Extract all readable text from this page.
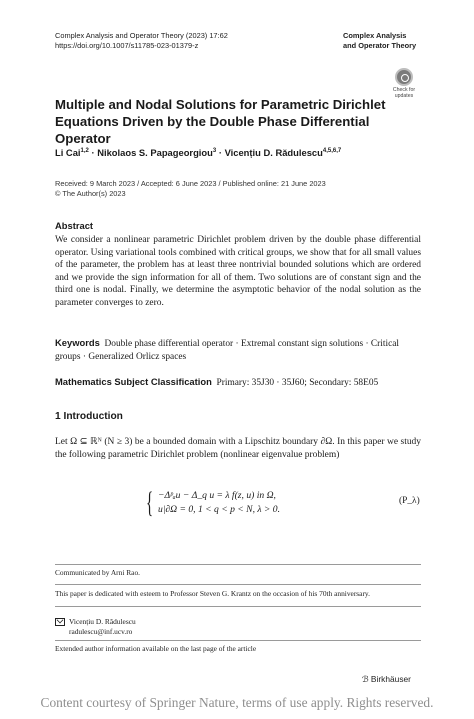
Complex Analysis and Operator Theory (2023) 17:62
https://doi.org/10.1007/s11785-023-01379-z
Complex Analysis
and Operator Theory
Check for
updates
Multiple and Nodal Solutions for Parametric Dirichlet
Equations Driven by the Double Phase Differential Operator
Li Cai$^{1,2}$ · Nikolaos S. Papageorgiou$^3$ · Vicențiu D. Rădulescu$^{4,5,6,7}$
Received: 9 March 2023 / Accepted: 6 June 2023 / Published online: 21 June 2023
© The Author(s) 2023
Abstract
We consider a nonlinear parametric Dirichlet problem driven by the double phase differential operator. Using variational tools combined with critical groups, we show that for all small values of the parameter, the problem has at least three nontrivial bounded solutions which are ordered and we provide the sign information for all of them. Two solutions are of constant sign and the third one is nodal. Finally, we determine the asymptotic behavior of the nodal solution as the parameter converges to zero.
Keywords Double phase differential operator · Extremal constant sign solutions · Critical groups · Generalized Orlicz spaces
Mathematics Subject Classification Primary: 35J30 · 35J60; Secondary: 58E05
1 Introduction
Let Ω ⊆ ℝᴺ (N ≥ 3) be a bounded domain with a Lipschitz boundary ∂Ω. In this paper we study the following parametric Dirichlet problem (nonlinear eigenvalue problem)
{ −Δᵖₐu − Δ_q u = λ f(z, u) in Ω,
u|∂Ω = 0, 1 < q < p < N, λ > 0.
(P_λ)
Communicated by Arni Rao.
This paper is dedicated with esteem to Professor Steven G. Krantz on the occasion of his 70th anniversary.
Vicențiu D. Rădulescu
radulescu@inf.ucv.ro
Extended author information available on the last page of the article
ℬ Birkhäuser
Content courtesy of Springer Nature, terms of use apply. Rights reserved.
